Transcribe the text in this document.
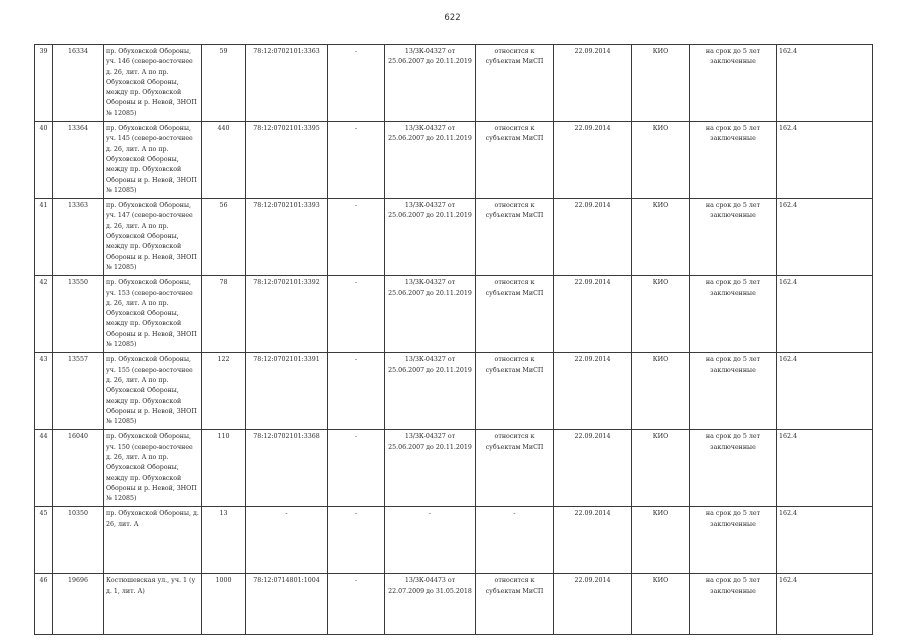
622
39	16334	пр. Обуховской Обороны, уч. 146 (северо-восточнее д. 26, лит. А по пр. Обуховской Обороны, между пр. Обуховской Обороны и р. Невой, ЗНОП № 12085)	59	78:12:0702101:3363	-	13/ЗК-04327 от 25.06.2007 до 20.11.2019	относится к субъектам МиСП	22.09.2014	КИО	на срок до 5 лет заключенные	162.4
40	13364	пр. Обуховской Обороны, уч. 145 (северо-восточнее д. 26, лит. А по пр. Обуховской Обороны, между пр. Обуховской Обороны и р. Невой, ЗНОП № 12085)	440	78:12:0702101:3395	-	13/ЗК-04327 от 25.06.2007 до 20.11.2019	относится к субъектам МиСП	22.09.2014	КИО	на срок до 5 лет заключенные	162.4
41	13363	пр. Обуховской Обороны, уч. 147 (северо-восточнее д. 26, лит. А по пр. Обуховской Обороны, между пр. Обуховской Обороны и р. Невой, ЗНОП № 12085)	56	78:12:0702101:3393	-	13/ЗК-04327 от 25.06.2007 до 20.11.2019	относится к субъектам МиСП	22.09.2014	КИО	на срок до 5 лет заключенные	162.4
42	13550	пр. Обуховской Обороны, уч. 153 (северо-восточнее д. 26, лит. А по пр. Обуховской Обороны, между пр. Обуховской Обороны и р. Невой, ЗНОП № 12085)	78	78:12:0702101:3392	-	13/ЗК-04327 от 25.06.2007 до 20.11.2019	относится к субъектам МиСП	22.09.2014	КИО	на срок до 5 лет заключенные	162.4
43	13557	пр. Обуховской Обороны, уч. 155 (северо-восточнее д. 26, лит. А по пр. Обуховской Обороны, между пр. Обуховской Обороны и р. Невой, ЗНОП № 12085)	122	78:12:0702101:3391	-	13/ЗК-04327 от 25.06.2007 до 20.11.2019	относится к субъектам МиСП	22.09.2014	КИО	на срок до 5 лет заключенные	162.4
44	16040	пр. Обуховской Обороны, уч. 150 (северо-восточнее д. 26, лит. А по пр. Обуховской Обороны, между пр. Обуховской Обороны и р. Невой, ЗНОП № 12085)	110	78:12:0702101:3368	-	13/ЗК-04327 от 25.06.2007 до 20.11.2019	относится к субъектам МиСП	22.09.2014	КИО	на срок до 5 лет заключенные	162.4
45	10350	пр. Обуховской Обороны, д. 26, лит. А	13	-	-	-	-	22.09.2014	КИО	на срок до 5 лет заключенные	162.4
46	19696	Костюшевская ул., уч. 1 (у д. 1, лит. А)	1000	78:12:0714801:1004	-	13/ЗК-04473 от 22.07.2009 до 31.05.2018	относится к субъектам МиСП	22.09.2014	КИО	на срок до 5 лет заключенные	162.4
